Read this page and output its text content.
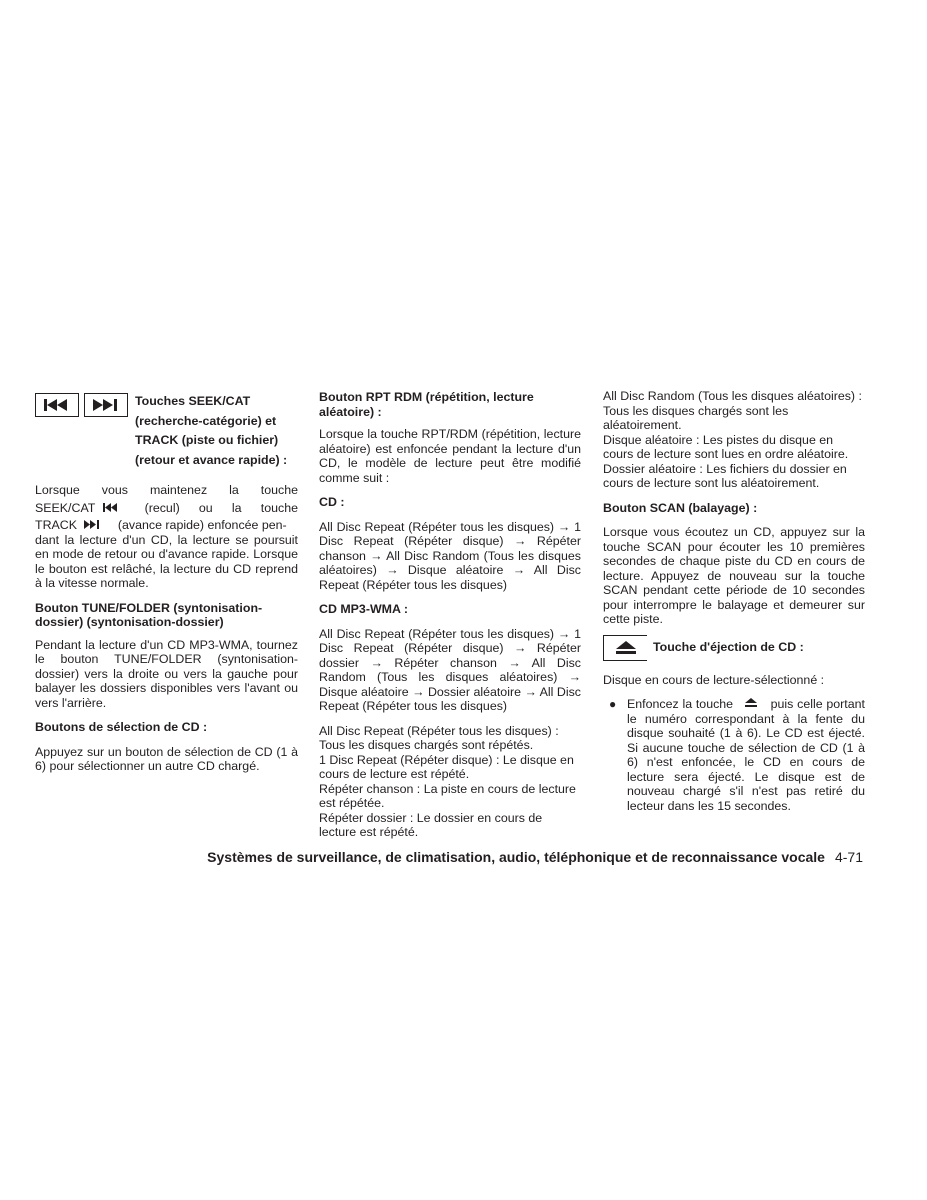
Touches SEEK/CAT
(recherche-catégorie) et
TRACK (piste ou fichier)
(retour et avance rapide) :

Lorsque vous maintenez la touche

SEEK/CAT	(recul) ou la touche

TRACK	(avance rapide) enfoncée pen-

dant la lecture d'un CD, la lecture se poursuit en mode de retour ou d'avance rapide. Lorsque le bouton est relâché, la lecture du CD reprend à la vitesse normale.

Bouton TUNE/FOLDER (syntonisation-dossier) (syntonisation-dossier)

Pendant la lecture d'un CD MP3-WMA, tournez le bouton TUNE/FOLDER (syntonisation-dossier) vers la droite ou vers la gauche pour balayer les dossiers disponibles vers l'avant ou vers l'arrière.

Boutons de sélection de CD :

Appuyez sur un bouton de sélection de CD (1 à 6) pour sélectionner un autre CD chargé.

Bouton RPT RDM (répétition, lecture aléatoire) :

Lorsque la touche RPT/RDM (répétition, lecture aléatoire) est enfoncée pendant la lecture d'un CD, le modèle de lecture peut être modifié comme suit :

CD :

All Disc Repeat (Répéter tous les disques) → 1 Disc Repeat (Répéter disque) → Répéter chanson → All Disc Random (Tous les disques aléatoires) → Disque aléatoire → All Disc Repeat (Répéter tous les disques)

CD MP3-WMA :

All Disc Repeat (Répéter tous les disques) → 1 Disc Repeat (Répéter disque) → Répéter dossier → Répéter chanson → All Disc Random (Tous les disques aléatoires) → Disque aléatoire → Dossier aléatoire → All Disc Repeat (Répéter tous les disques)

All Disc Repeat (Répéter tous les disques) : Tous les disques chargés sont répétés.

1 Disc Repeat (Répéter disque) : Le disque en cours de lecture est répété.

Répéter chanson : La piste en cours de lecture est répétée.

Répéter dossier : Le dossier en cours de lecture est répété.

All Disc Random (Tous les disques aléatoires) : Tous les disques chargés sont les aléatoirement.

Disque aléatoire : Les pistes du disque en cours de lecture sont lues en ordre aléatoire.

Dossier aléatoire : Les fichiers du dossier en cours de lecture sont lus aléatoirement.

Bouton SCAN (balayage) :

Lorsque vous écoutez un CD, appuyez sur la touche SCAN pour écouter les 10 premières secondes de chaque piste du CD en cours de lecture. Appuyez de nouveau sur la touche SCAN pendant cette période de 10 secondes pour interrompre le balayage et demeurer sur cette piste.

Touche d'éjection de CD :

Disque en cours de lecture-sélectionné :

● Enfoncez la touche	puis celle portant le numéro correspondant à la fente du disque souhaité (1 à 6). Le CD est éjecté. Si aucune touche de sélection de CD (1 à 6) n'est enfoncée, le CD en cours de lecture sera éjecté. Le disque est de nouveau chargé s'il n'est pas retiré du lecteur dans les 15 secondes.

Systèmes de surveillance, de climatisation, audio, téléphonique et de reconnaissance vocale 4-71
